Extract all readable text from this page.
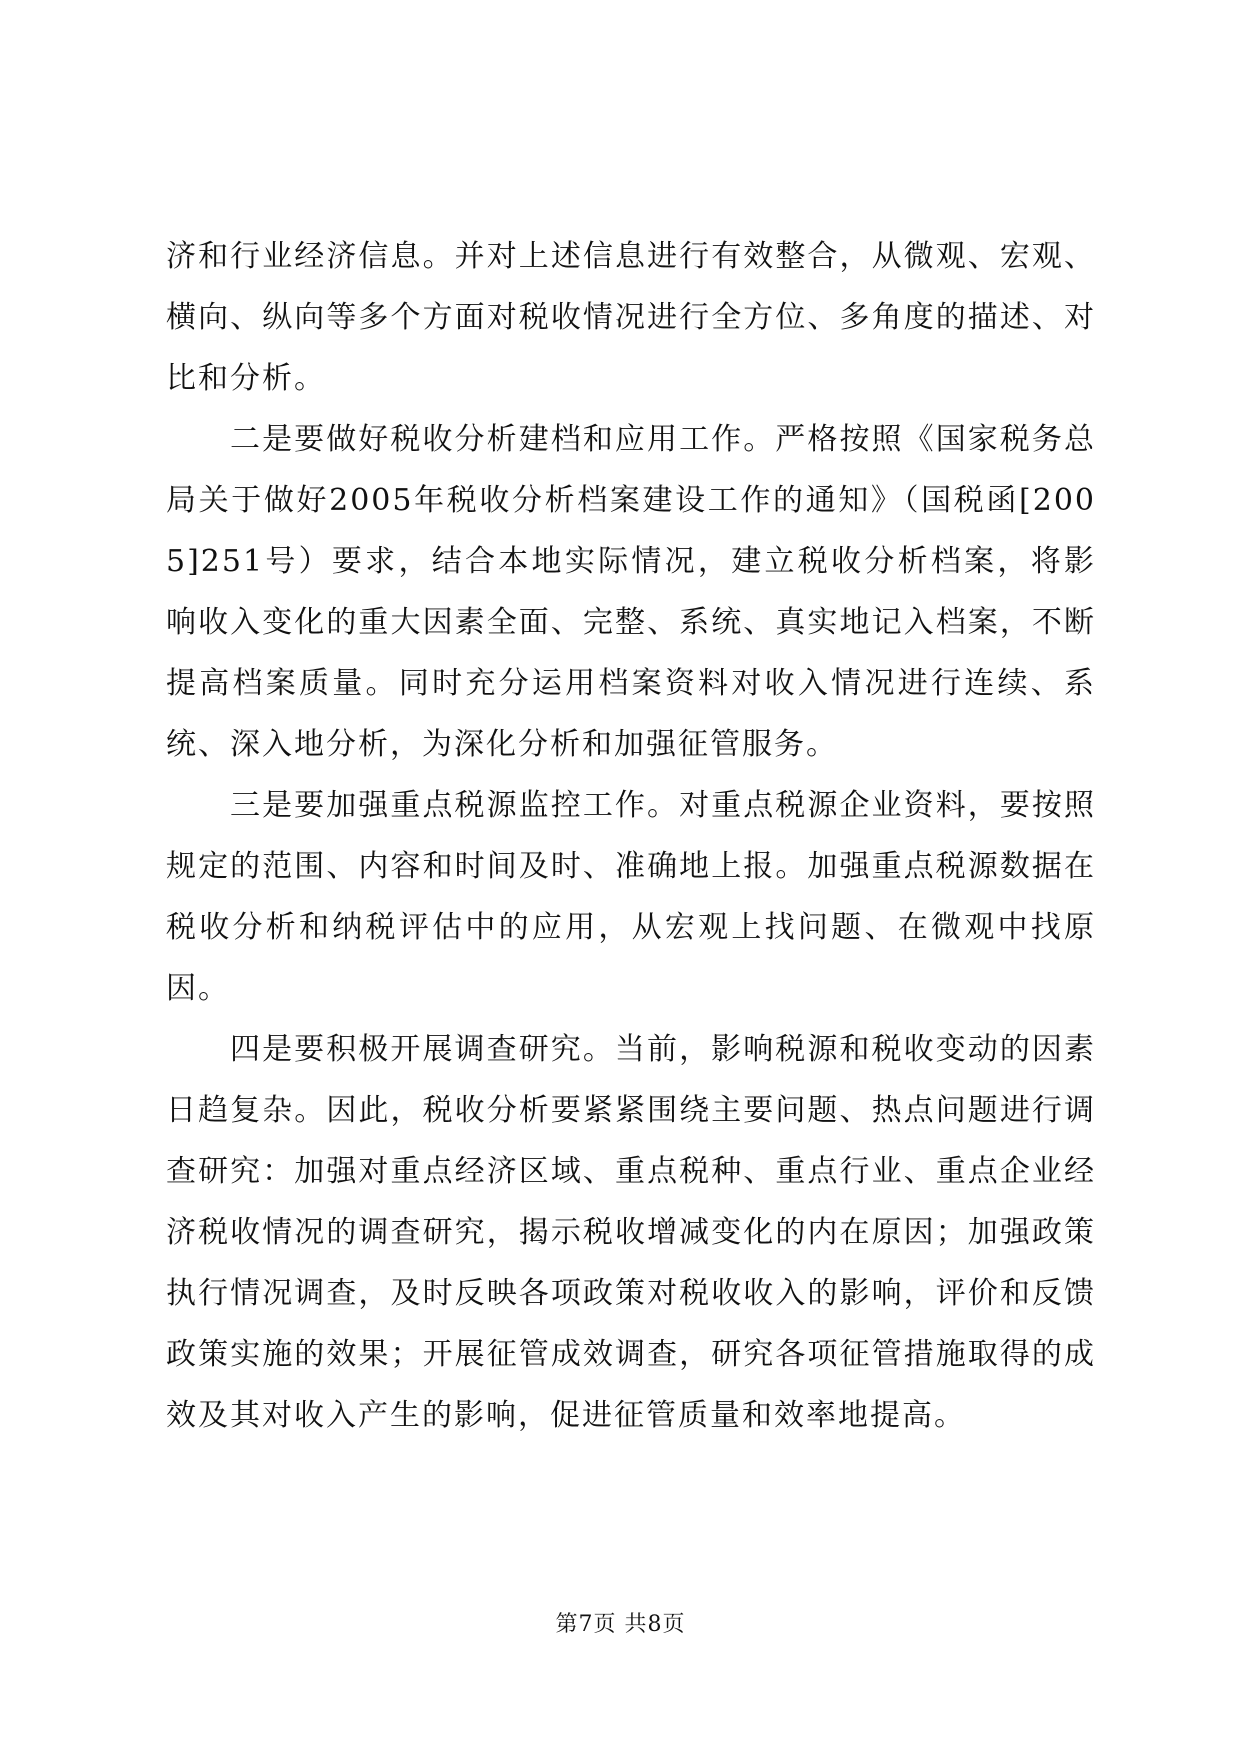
济和行业经济信息。并对上述信息进行有效整合，从微观、宏观、横向、纵向等多个方面对税收情况进行全方位、多角度的描述、对比和分析。

二是要做好税收分析建档和应用工作。严格按照《国家税务总局关于做好2005年税收分析档案建设工作的通知》（国税函[2005]251号）要求，结合本地实际情况，建立税收分析档案，将影响收入变化的重大因素全面、完整、系统、真实地记入档案，不断提高档案质量。同时充分运用档案资料对收入情况进行连续、系统、深入地分析，为深化分析和加强征管服务。

三是要加强重点税源监控工作。对重点税源企业资料，要按照规定的范围、内容和时间及时、准确地上报。加强重点税源数据在税收分析和纳税评估中的应用，从宏观上找问题、在微观中找原因。

四是要积极开展调查研究。当前，影响税源和税收变动的因素日趋复杂。因此，税收分析要紧紧围绕主要问题、热点问题进行调查研究：加强对重点经济区域、重点税种、重点行业、重点企业经济税收情况的调查研究，揭示税收增减变化的内在原因；加强政策执行情况调查，及时反映各项政策对税收收入的影响，评价和反馈政策实施的效果；开展征管成效调查，研究各项征管措施取得的成效及其对收入产生的影响，促进征管质量和效率地提高。

第7页 共8页
